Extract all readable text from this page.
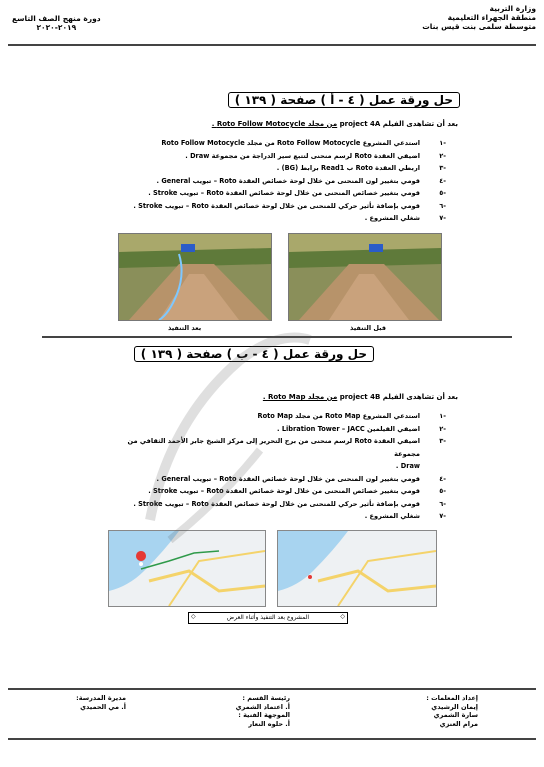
وزارة التربية
منطقة الجهراء التعليمية
متوسطة سلمى بنت قيس بنات
دورة منهج الصف التاسع
٢٠١٩-٢٠٢٠
حل ورقة عمل ( ٤ - أ ) صفحة ( ١٣٩ )
بعد أن تشاهدى الفيلم project 4A من مجلد Roto Follow Motocycle .
-١
استدعي المشروع Roto Follow Motocycle من مجلد Roto Follow Motocycle
-٢
اضيفي العقدة Roto لرسم منحنى لتتبع سير الدراجة من مجموعة Draw .
-٣
اربطي العقدة Roto ب Read1 برابط (BG) .
-٤
قومي بتغيير لون المنحنى من خلال لوحة خصائص العقدة Roto – تبويب General .
-٥
قومي بتغيير خصائص المنحنى من خلال لوحة خصائص العقدة Roto – تبويب Stroke .
-٦
قومي بإضافة تأثير حركي للمنحنى من خلال لوحة خصائص العقدة Roto – تبويب Stroke .
-٧
شغلي المشروع .
بعد التنفيذ	قبل التنفيذ
حل ورقة عمل ( ٤ - ب ) صفحة ( ١٣٩ )
بعد أن تشاهدى الفيلم project 4B من مجلد Roto Map .
-١
استدعي المشروع Roto Map من مجلد Roto Map
-٢
اضيفي الفيلمين Libration Tower – JACC .
-٣
اضيفي العقدة Roto لرسم منحنى من برج التحرير إلى مركز الشيخ جابر الأحمد الثقافي من مجموعة
Draw .
-٤
قومي بتغيير لون المنحنى من خلال لوحة خصائص العقدة Roto – تبويب General .
-٥
قومي بتغيير خصائص المنحنى من خلال لوحة خصائص العقدة Roto – تبويب Stroke .
-٦
قومي بإضافة تأثير حركي للمنحنى من خلال لوحة خصائص العقدة Roto – تبويب Stroke .
-٧
شغلي المشروع .
◇	المشروع بعد التنفيذ وأثناء العرض	◇
إعداد المعلمات :
إيمان الرشيدي
سارة الشمري
مرام العنزي
رئيسة القسم :
أ. اعتماد الشمري
الموجهة الفنية :
أ. حلوه النعار
مديرة المدرسة:
أ. مي الحميدي
